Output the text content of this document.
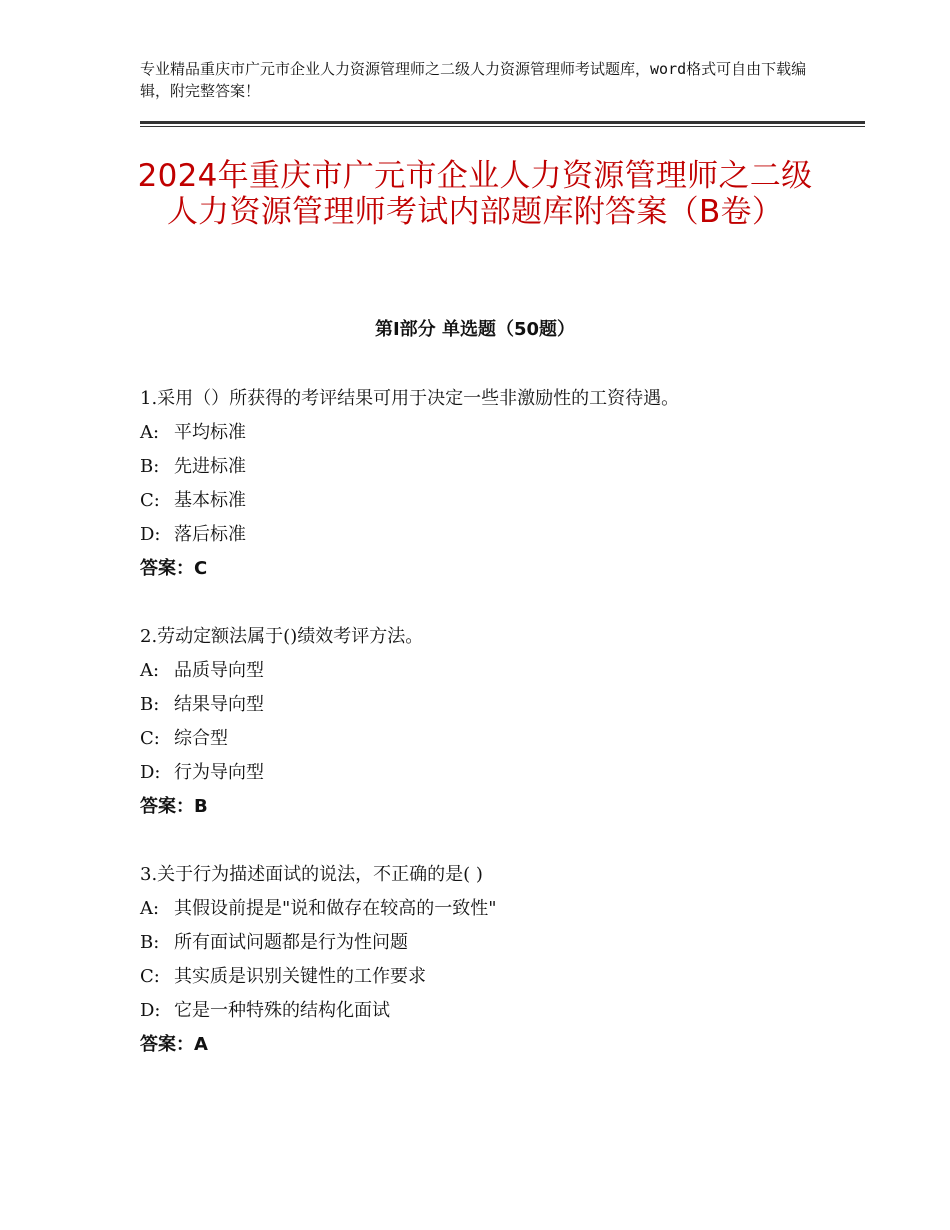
专业精品重庆市广元市企业人力资源管理师之二级人力资源管理师考试题库，word格式可自由下载编辑，附完整答案！
2024年重庆市广元市企业人力资源管理师之二级人力资源管理师考试内部题库附答案（B卷）
第I部分 单选题（50题）
1.采用（）所获得的考评结果可用于决定一些非激励性的工资待遇。
A: 平均标准
B: 先进标准
C: 基本标准
D: 落后标准
答案：C
2.劳动定额法属于()绩效考评方法。
A: 品质导向型
B: 结果导向型
C: 综合型
D: 行为导向型
答案：B
3.关于行为描述面试的说法，不正确的是( )
A: 其假设前提是"说和做存在较高的一致性"
B: 所有面试问题都是行为性问题
C: 其实质是识别关键性的工作要求
D: 它是一种特殊的结构化面试
答案：A
